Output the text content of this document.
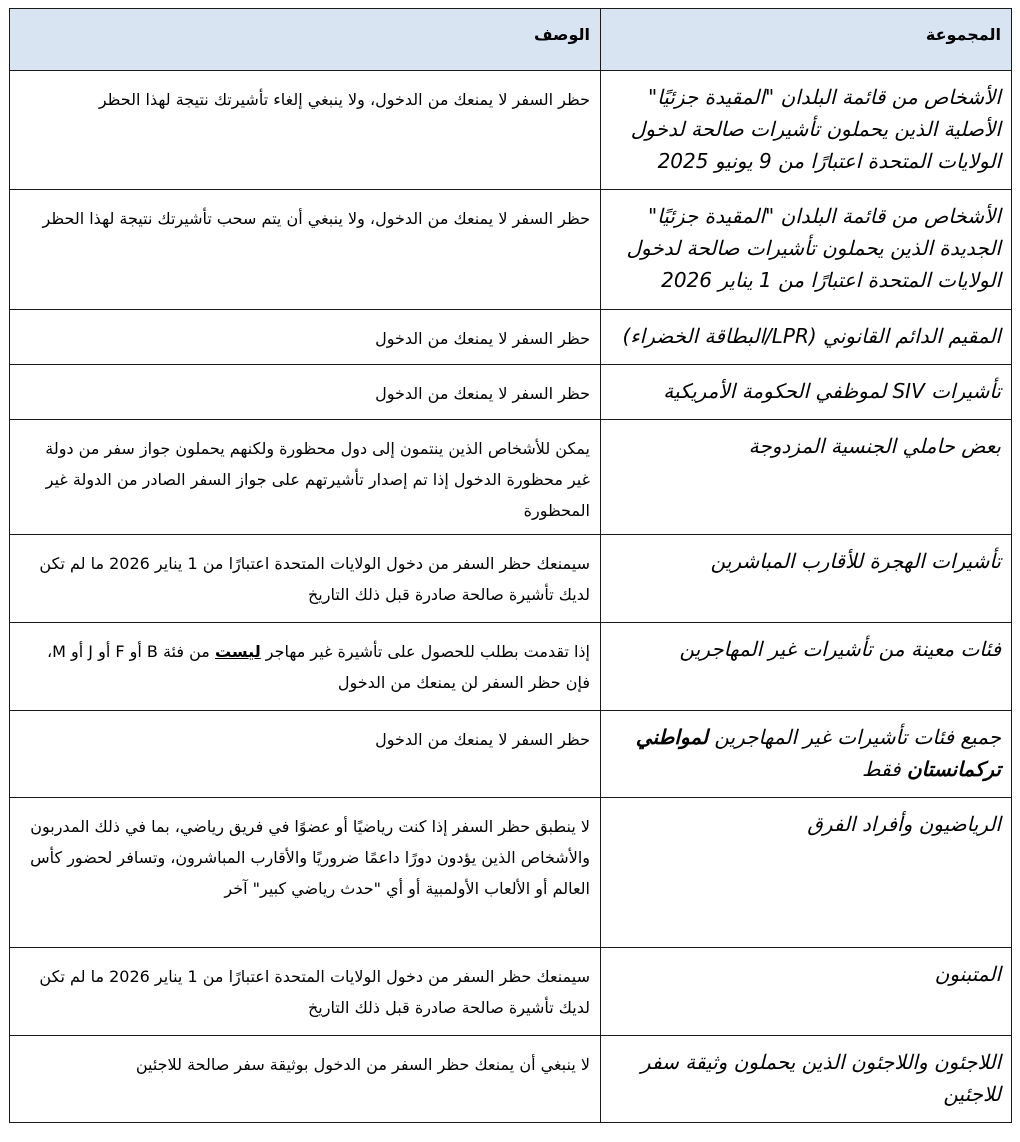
المجموعة	الوصف
الأشخاص من قائمة البلدان "المقيدة جزئيًا" الأصلية الذين يحملون تأشيرات صالحة لدخول الولايات المتحدة اعتبارًا من 9 يونيو 2025	حظر السفر لا يمنعك من الدخول، ولا ينبغي إلغاء تأشيرتك نتيجة لهذا الحظر
الأشخاص من قائمة البلدان "المقيدة جزئيًا" الجديدة الذين يحملون تأشيرات صالحة لدخول الولايات المتحدة اعتبارًا من 1 يناير 2026	حظر السفر لا يمنعك من الدخول، ولا ينبغي أن يتم سحب تأشيرتك نتيجة لهذا الحظر
المقيم الدائم القانوني (LPR/البطاقة الخضراء)	حظر السفر لا يمنعك من الدخول
تأشيرات SIV لموظفي الحكومة الأمريكية	حظر السفر لا يمنعك من الدخول
بعض حاملي الجنسية المزدوجة	يمكن للأشخاص الذين ينتمون إلى دول محظورة ولكنهم يحملون جواز سفر من دولة غير محظورة الدخول إذا تم إصدار تأشيرتهم على جواز السفر الصادر من الدولة غير المحظورة
تأشيرات الهجرة للأقارب المباشرين	سيمنعك حظر السفر من دخول الولايات المتحدة اعتبارًا من 1 يناير 2026 ما لم تكن لديك تأشيرة صالحة صادرة قبل ذلك التاريخ
فئات معينة من تأشيرات غير المهاجرين	إذا تقدمت بطلب للحصول على تأشيرة غير مهاجر ليست من فئة B أو F أو J أو M، فإن حظر السفر لن يمنعك من الدخول
جميع فئات تأشيرات غير المهاجرين لمواطني تركمانستان فقط	حظر السفر لا يمنعك من الدخول
الرياضيون وأفراد الفرق	لا ينطبق حظر السفر إذا كنت رياضيًا أو عضوًا في فريق رياضي، بما في ذلك المدربون والأشخاص الذين يؤدون دورًا داعمًا ضروريًا والأقارب المباشرون، وتسافر لحضور كأس العالم أو الألعاب الأولمبية أو أي "حدث رياضي كبير" آخر
المتبنون	سيمنعك حظر السفر من دخول الولايات المتحدة اعتبارًا من 1 يناير 2026 ما لم تكن لديك تأشيرة صالحة صادرة قبل ذلك التاريخ
اللاجئون واللاجئون الذين يحملون وثيقة سفر للاجئين	لا ينبغي أن يمنعك حظر السفر من الدخول بوثيقة سفر صالحة للاجئين
